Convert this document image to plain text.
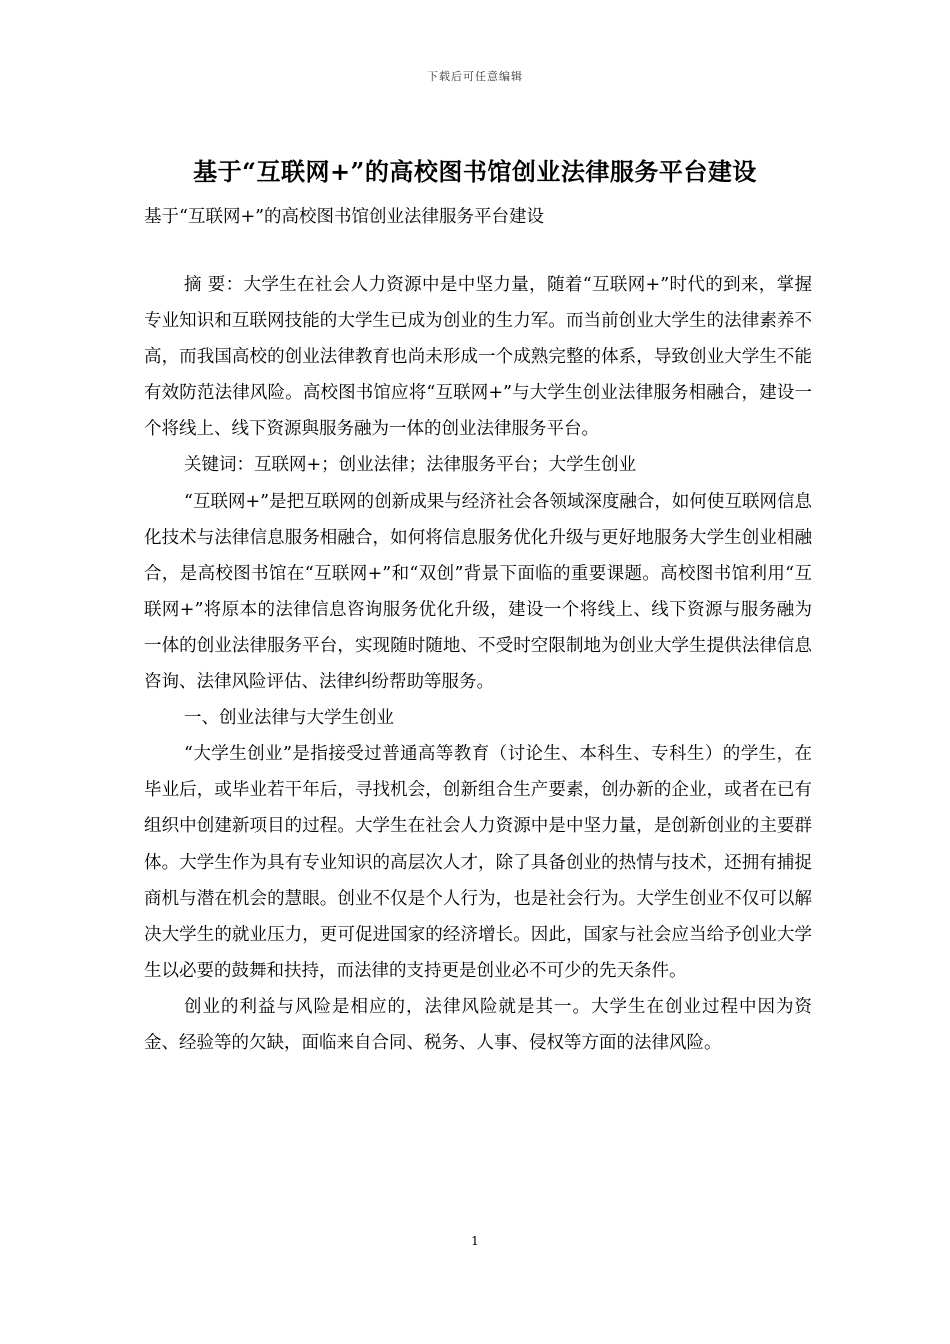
下载后可任意编辑
基于“互联网+”的高校图书馆创业法律服务平台建设
基于“互联网+”的高校图书馆创业法律服务平台建设

摘 要：大学生在社会人力资源中是中坚力量，随着“互联网+”时代的到来，掌握专业知识和互联网技能的大学生已成为创业的生力军。而当前创业大学生的法律素养不高，而我国高校的创业法律教育也尚未形成一个成熟完整的体系，导致创业大学生不能有效防范法律风险。高校图书馆应将“互联网+”与大学生创业法律服务相融合，建设一个将线上、线下资源與服务融为一体的创业法律服务平台。

关键词：互联网+；创业法律；法律服务平台；大学生创业

“互联网+”是把互联网的创新成果与经济社会各领域深度融合，如何使互联网信息化技术与法律信息服务相融合，如何将信息服务优化升级与更好地服务大学生创业相融合，是高校图书馆在“互联网+”和“双创”背景下面临的重要课题。高校图书馆利用“互联网+”将原本的法律信息咨询服务优化升级，建设一个将线上、线下资源与服务融为一体的创业法律服务平台，实现随时随地、不受时空限制地为创业大学生提供法律信息咨询、法律风险评估、法律纠纷帮助等服务。

一、创业法律与大学生创业

“大学生创业”是指接受过普通高等教育（讨论生、本科生、专科生）的学生，在毕业后，或毕业若干年后，寻找机会，创新组合生产要素，创办新的企业，或者在已有组织中创建新项目的过程。大学生在社会人力资源中是中坚力量，是创新创业的主要群体。大学生作为具有专业知识的高层次人才，除了具备创业的热情与技术，还拥有捕捉商机与潜在机会的慧眼。创业不仅是个人行为，也是社会行为。大学生创业不仅可以解决大学生的就业压力，更可促进国家的经济增长。因此，国家与社会应当给予创业大学生以必要的鼓舞和扶持，而法律的支持更是创业必不可少的先天条件。

创业的利益与风险是相应的，法律风险就是其一。大学生在创业过程中因为资金、经验等的欠缺，面临来自合同、税务、人事、侵权等方面的法律风险。

1
